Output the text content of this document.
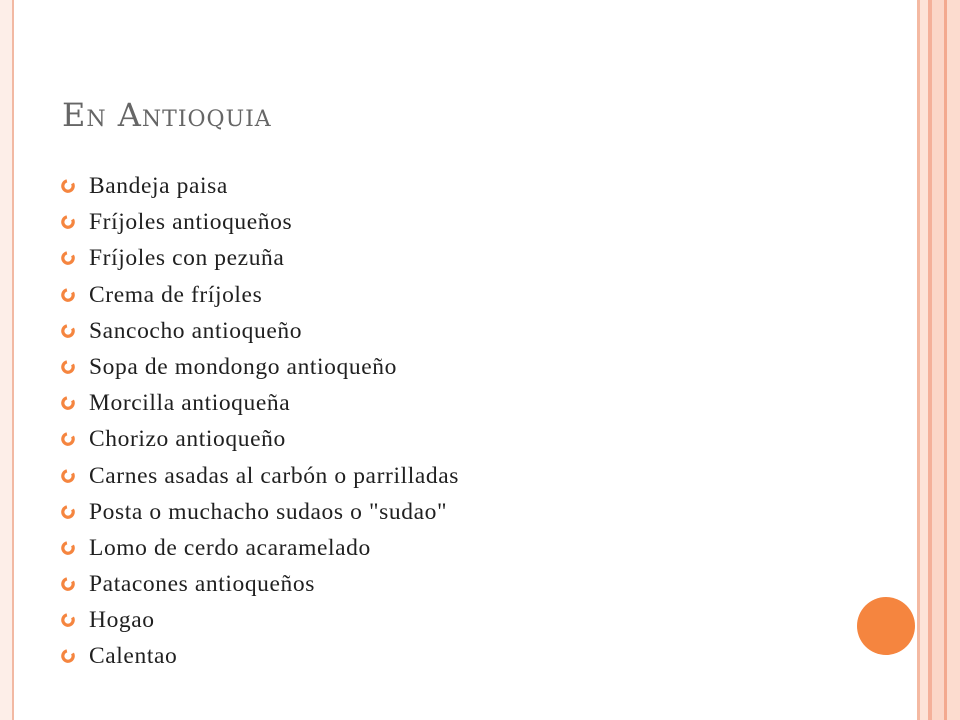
En Antioquia
Bandeja paisa
Fríjoles antioqueños
Fríjoles con pezuña
Crema de fríjoles
Sancocho antioqueño
Sopa de mondongo antioqueño
Morcilla antioqueña
Chorizo antioqueño
Carnes asadas al carbón o parrilladas
Posta o muchacho sudaos o "sudao"
Lomo de cerdo acaramelado
Patacones antioqueños
Hogao
Calentao
